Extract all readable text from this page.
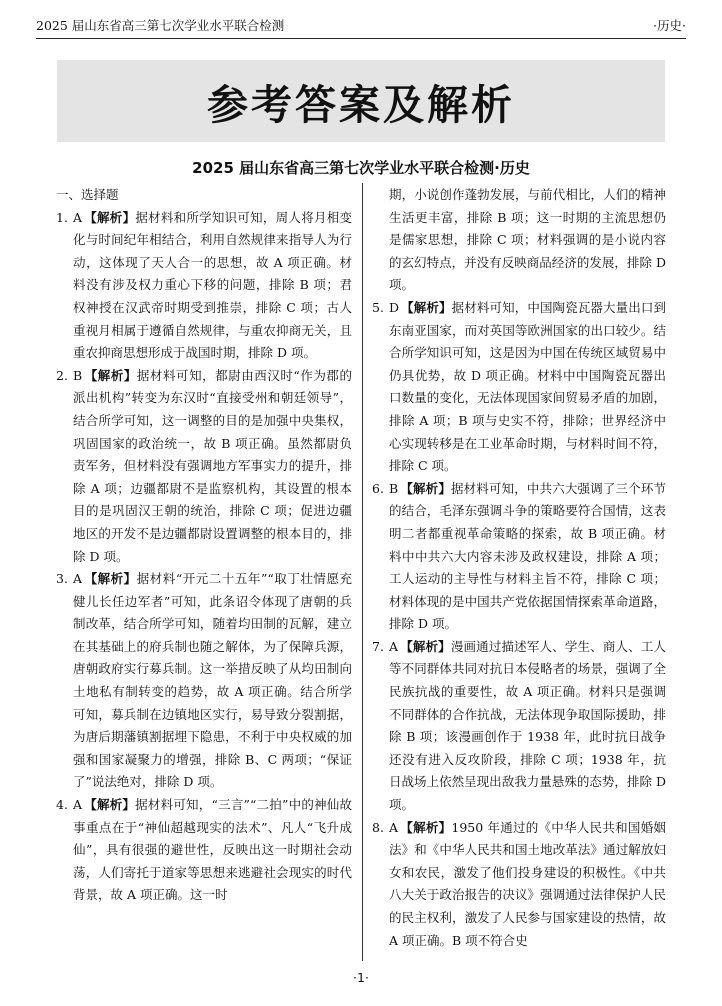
2025 届山东省高三第七次学业水平联合检测	·历史·
参考答案及解析
2025 届山东省高三第七次学业水平联合检测·历史
一、选择题

1. A 【解析】据材料和所学知识可知，周人将月相变化与时间纪年相结合，利用自然规律来指导人为行动，这体现了天人合一的思想，故 A 项正确。材料没有涉及权力重心下移的问题，排除 B 项；君权神授在汉武帝时期受到推崇，排除 C 项；古人重视月相属于遵循自然规律，与重农抑商无关，且重农抑商思想形成于战国时期，排除 D 项。

2. B 【解析】据材料可知，都尉由西汉时“作为郡的派出机构”转变为东汉时“直接受州和朝廷领导”，结合所学可知，这一调整的目的是加强中央集权，巩固国家的政治统一，故 B 项正确。虽然都尉负责军务，但材料没有强调地方军事实力的提升，排除 A 项；边疆都尉不是监察机构，其设置的根本目的是巩固汉王朝的统治，排除 C 项；促进边疆地区的开发不是边疆都尉设置调整的根本目的，排除 D 项。

3. A 【解析】据材料“开元二十五年”“取丁壮情愿充健儿长任边军者”可知，此条诏令体现了唐朝的兵制改革，结合所学可知，随着均田制的瓦解，建立在其基础上的府兵制也随之解体，为了保障兵源，唐朝政府实行募兵制。这一举措反映了从均田制向土地私有制转变的趋势，故 A 项正确。结合所学可知，募兵制在边镇地区实行，易导致分裂割据，为唐后期藩镇割据埋下隐患，不利于中央权威的加强和国家凝聚力的增强，排除 B、C 两项；“保证了”说法绝对，排除 D 项。

4. A 【解析】据材料可知，“三言”“二拍”中的神仙故事重点在于“神仙超越现实的法术”、凡人“飞升成仙”，具有很强的避世性，反映出这一时期社会动荡，人们寄托于道家等思想来逃避社会现实的时代背景，故 A 项正确。这一时

期，小说创作蓬勃发展，与前代相比，人们的精神生活更丰富，排除 B 项；这一时期的主流思想仍是儒家思想，排除 C 项；材料强调的是小说内容的玄幻特点，并没有反映商品经济的发展，排除 D 项。

5. D 【解析】据材料可知，中国陶瓷瓦器大量出口到东南亚国家，而对英国等欧洲国家的出口较少。结合所学知识可知，这是因为中国在传统区域贸易中仍具优势，故 D 项正确。材料中中国陶瓷瓦器出口数量的变化，无法体现国家间贸易矛盾的加剧，排除 A 项；B 项与史实不符，排除；世界经济中心实现转移是在工业革命时期，与材料时间不符，排除 C 项。

6. B 【解析】据材料可知，中共六大强调了三个环节的结合，毛泽东强调斗争的策略要符合国情，这表明二者都重视革命策略的探索，故 B 项正确。材料中中共六大内容未涉及政权建设，排除 A 项；工人运动的主导性与材料主旨不符，排除 C 项；材料体现的是中国共产党依据国情探索革命道路，排除 D 项。

7. A 【解析】漫画通过描述军人、学生、商人、工人等不同群体共同对抗日本侵略者的场景，强调了全民族抗战的重要性，故 A 项正确。材料只是强调不同群体的合作抗战，无法体现争取国际援助，排除 B 项；该漫画创作于 1938 年，此时抗日战争还没有进入反攻阶段，排除 C 项；1938 年，抗日战场上依然呈现出敌我力量悬殊的态势，排除 D 项。

8. A 【解析】1950 年通过的《中华人民共和国婚姻法》和《中华人民共和国土地改革法》通过解放妇女和农民，激发了他们投身建设的积极性。《中共八大关于政治报告的决议》强调通过法律保护人民的民主权利，激发了人民参与国家建设的热情，故 A 项正确。B 项不符合史

·1·
